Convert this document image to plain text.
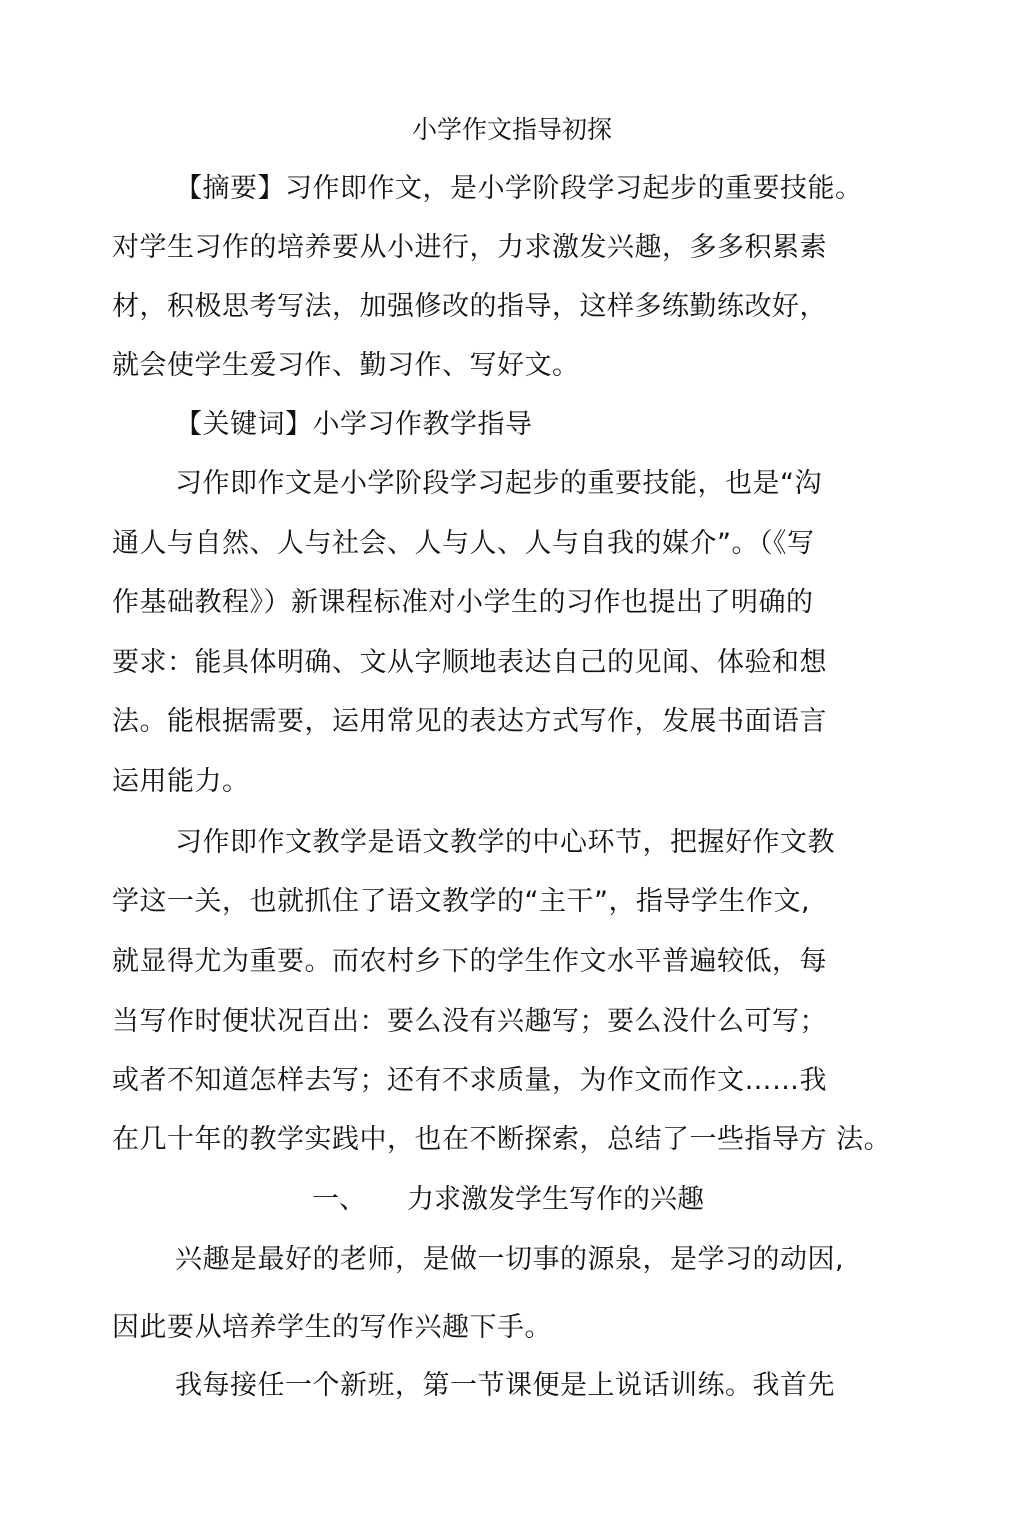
小学作文指导初探
【摘要】习作即作文，是小学阶段学习起步的重要技能。
对学生习作的培养要从小进行，力求激发兴趣，多多积累素
材，积极思考写法，加强修改的指导，这样多练勤练改好，
就会使学生爱习作、勤习作、写好文。
【关键词】小学习作教学指导
习作即作文是小学阶段学习起步的重要技能，也是“沟
通人与自然、人与社会、人与人、人与自我的媒介”。（《写
作基础教程》）新课程标准对小学生的习作也提出了明确的
要求：能具体明确、文从字顺地表达自己的见闻、体验和想
法。能根据需要，运用常见的表达方式写作，发展书面语言
运用能力。
习作即作文教学是语文教学的中心环节，把握好作文教
学这一关，也就抓住了语文教学的“主干”，指导学生作文,
就显得尤为重要。而农村乡下的学生作文水平普遍较低，每
当写作时便状况百出：要么没有兴趣写；要么没什么可写；
或者不知道怎样去写；还有不求质量，为作文而作文……我
在几十年的教学实践中，也在不断探索，总结了一些指导方 法。
一、 力求激发学生写作的兴趣
兴趣是最好的老师，是做一切事的源泉，是学习的动因,
因此要从培养学生的写作兴趣下手。
我每接任一个新班，第一节课便是上说话训练。我首先
